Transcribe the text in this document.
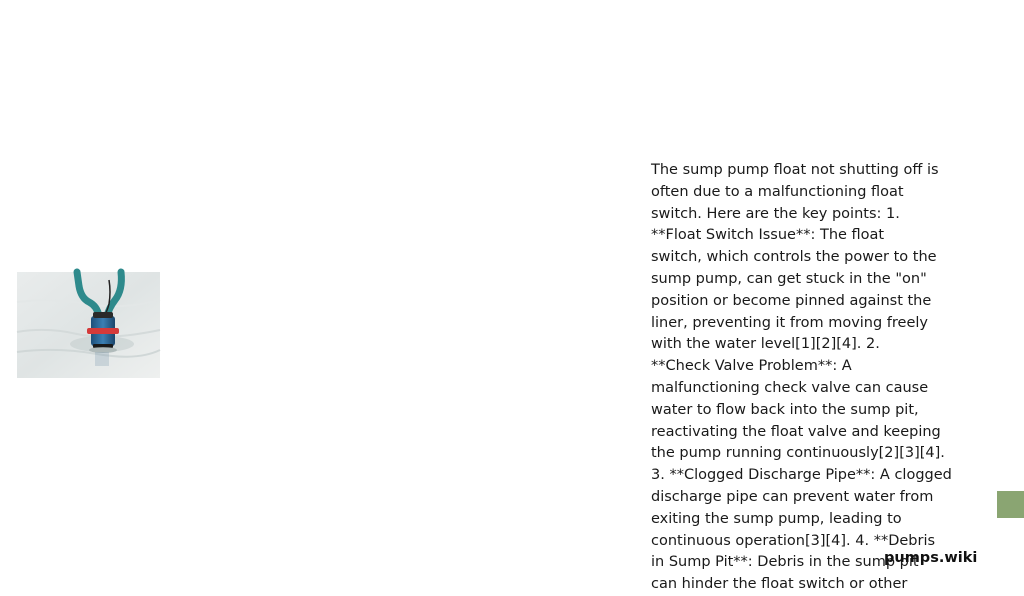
The sump pump float not shutting off is
often due to a malfunctioning float
switch. Here are the key points: 1.
**Float Switch Issue**: The float
switch, which controls the power to the
sump pump, can get stuck in the "on"
position or become pinned against the
liner, preventing it from moving freely
with the water level[1][2][4]. 2.
**Check Valve Problem**: A
malfunctioning check valve can cause
water to flow back into the sump pit,
reactivating the float valve and keeping
the pump running continuously[2][3][4].
3. **Clogged Discharge Pipe**: A clogged
discharge pipe can prevent water from
exiting the sump pump, leading to
continuous operation[3][4]. 4. **Debris
in Sump Pit**: Debris in the sump pit
can hinder the float switch or other
pumps.wiki
